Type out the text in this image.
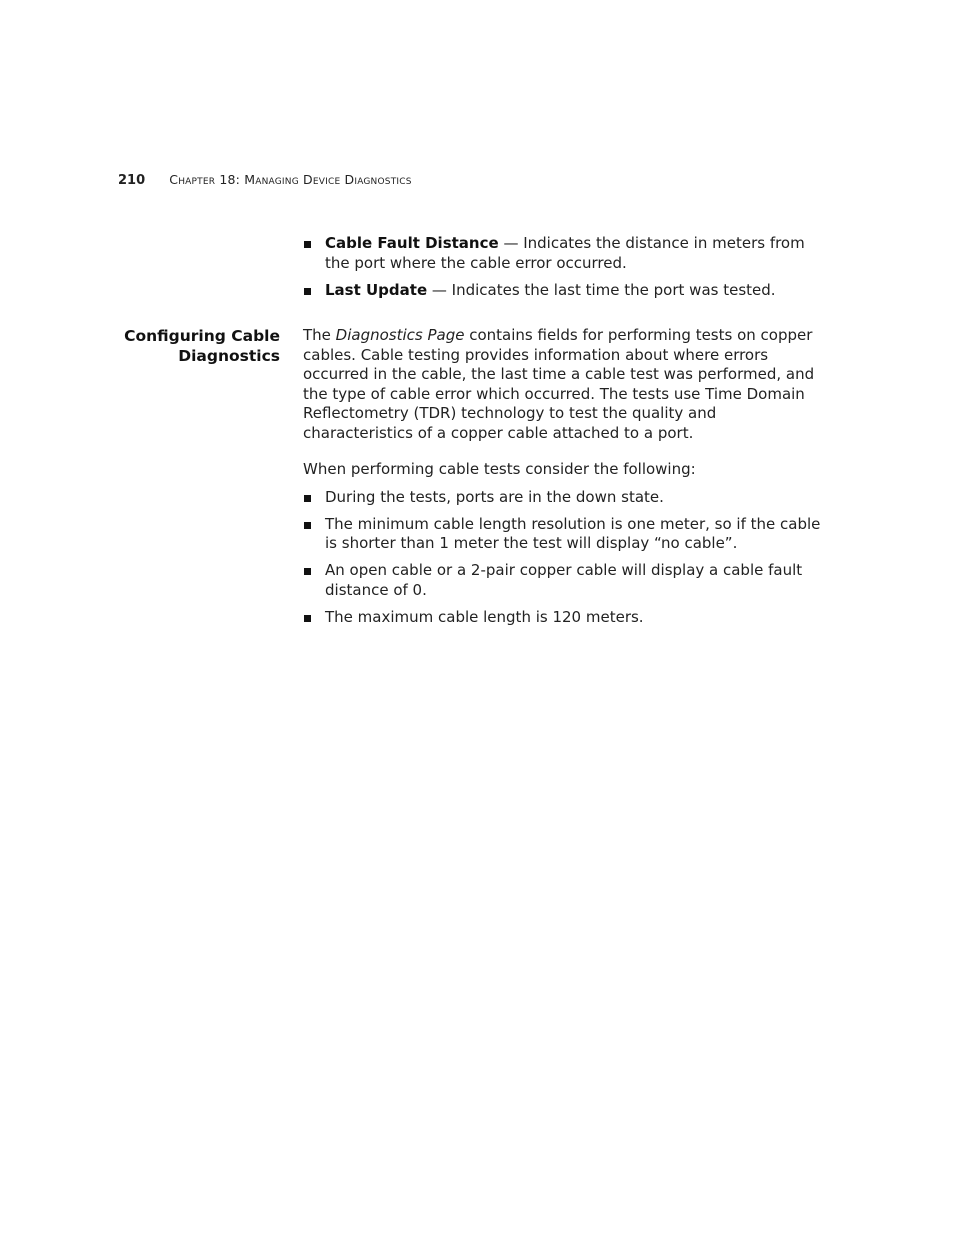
210 Chapter 18: Managing Device Diagnostics
Cable Fault Distance — Indicates the distance in meters from the port where the cable error occurred.
Last Update — Indicates the last time the port was tested.
Configuring Cable
Diagnostics

The Diagnostics Page contains fields for performing tests on copper cables. Cable testing provides information about where errors occurred in the cable, the last time a cable test was performed, and the type of cable error which occurred. The tests use Time Domain Reflectometry (TDR) technology to test the quality and characteristics of a copper cable attached to a port.

When performing cable tests consider the following:

During the tests, ports are in the down state.
The minimum cable length resolution is one meter, so if the cable is shorter than 1 meter the test will display “no cable”.
An open cable or a 2-pair copper cable will display a cable fault distance of 0.
The maximum cable length is 120 meters.
